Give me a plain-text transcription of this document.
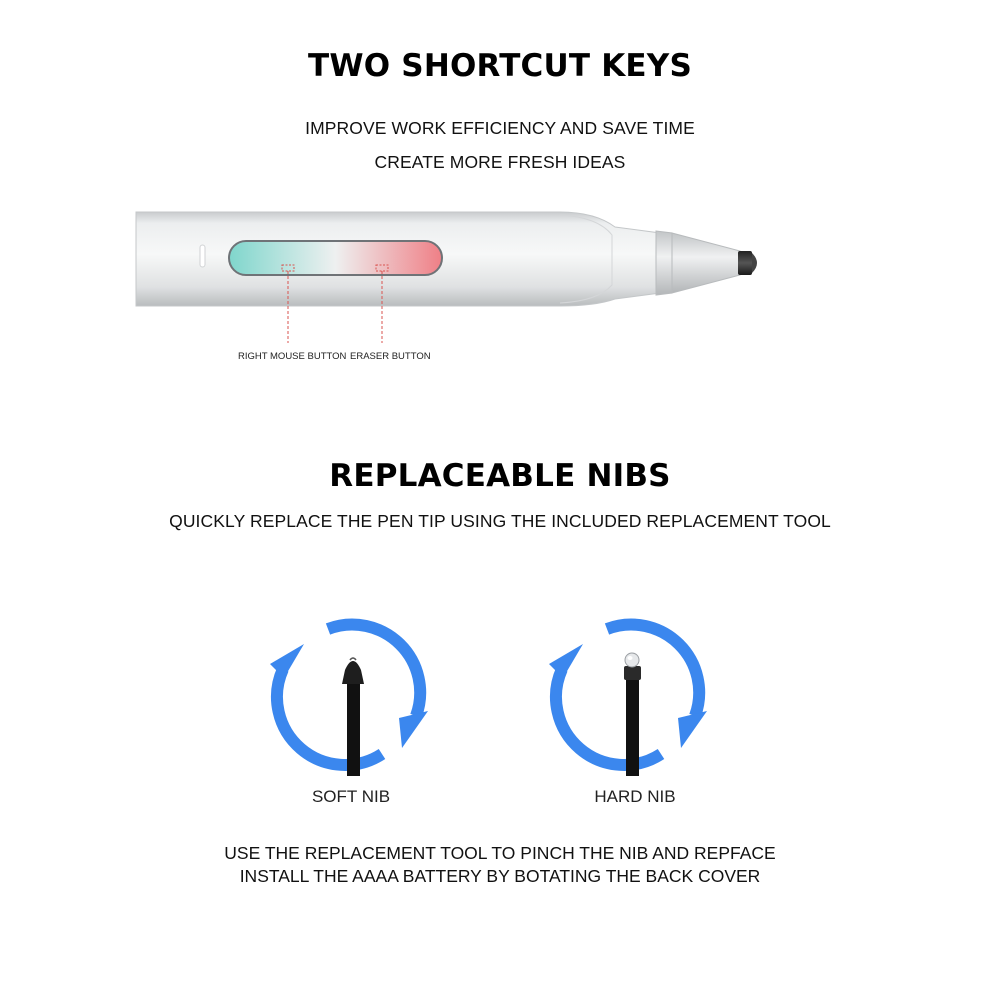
TWO SHORTCUT KEYS
IMPROVE WORK EFFICIENCY AND SAVE TIME
CREATE MORE FRESH IDEAS
RIGHT MOUSE BUTTON ERASER BUTTON
REPLACEABLE NIBS
QUICKLY REPLACE THE PEN TIP USING THE INCLUDED REPLACEMENT TOOL
SOFT NIB	HARD NIB
USE THE REPLACEMENT TOOL TO PINCH THE NIB AND REPFACE
INSTALL THE AAAA BATTERY BY BOTATING THE BACK COVER
